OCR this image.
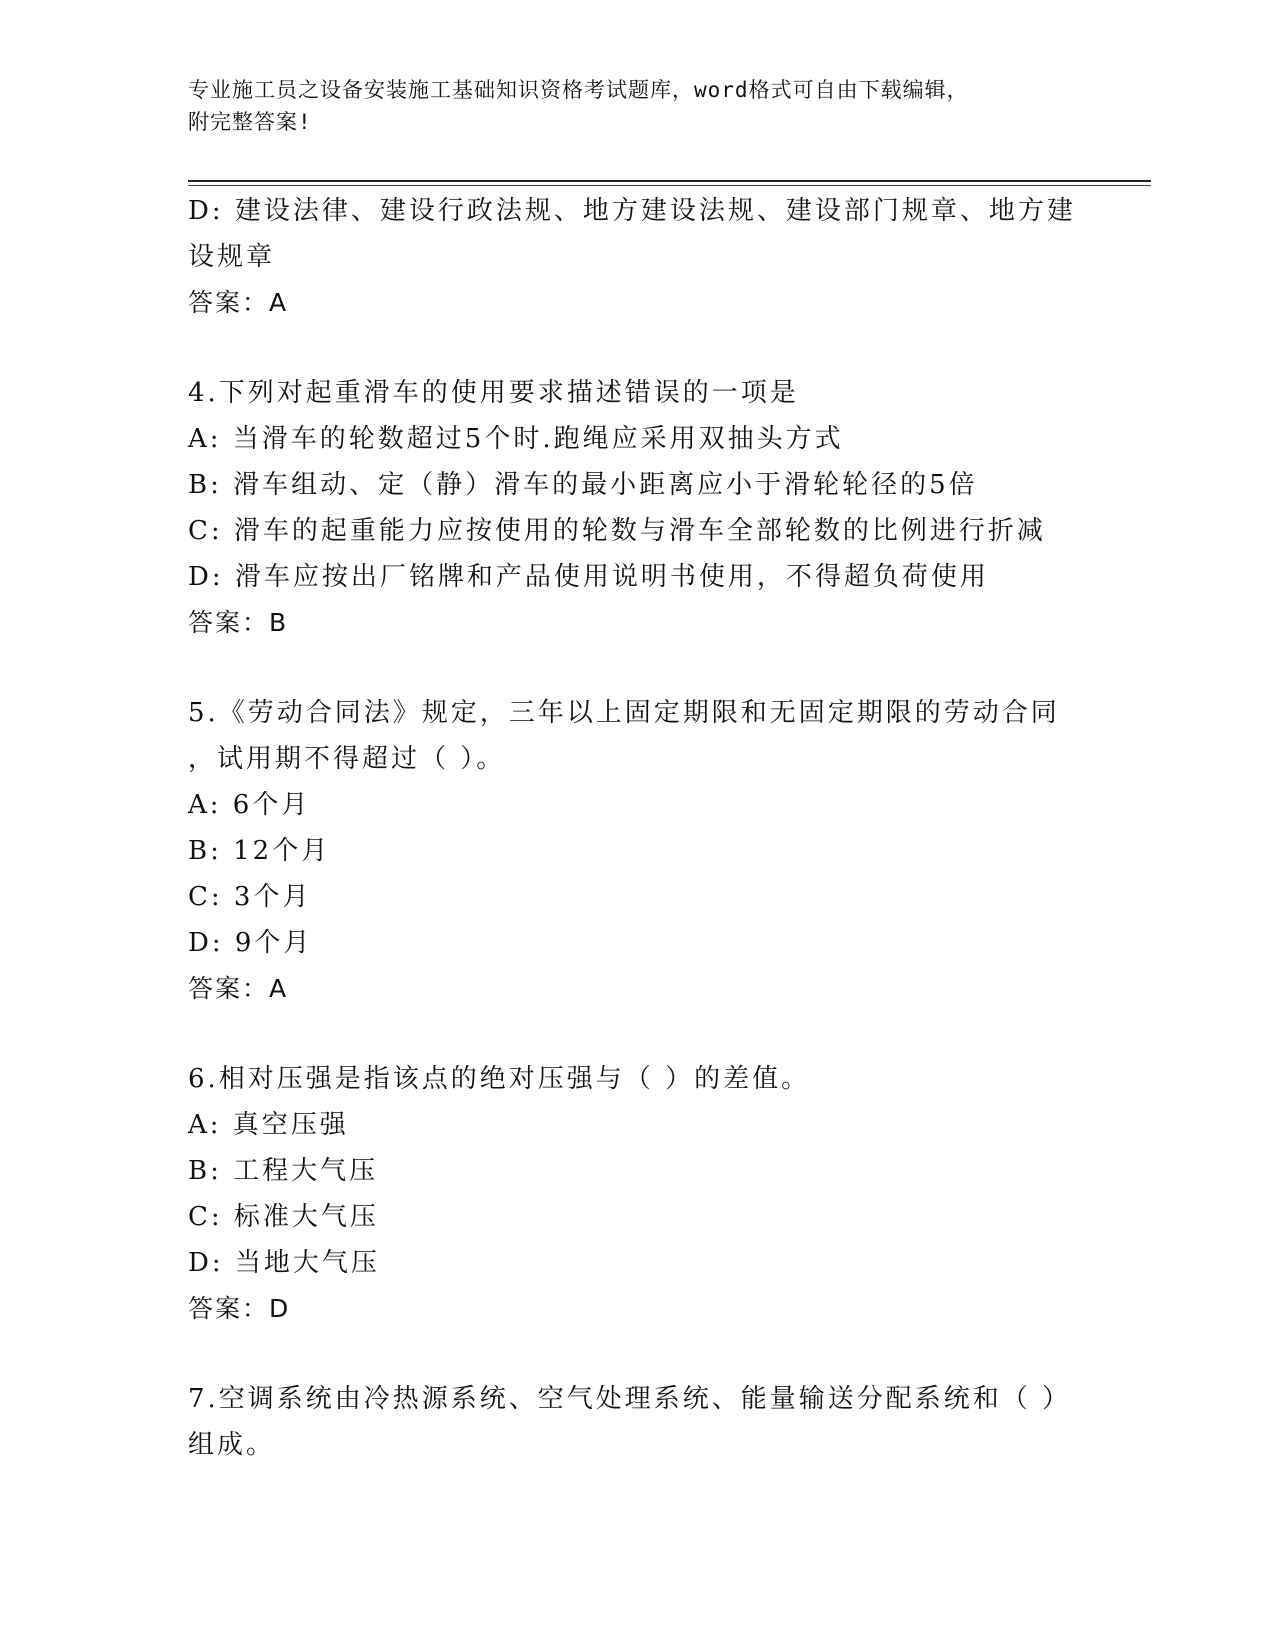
专业施工员之设备安装施工基础知识资格考试题库，word格式可自由下载编辑，
附完整答案!
D: 建设法律、建设行政法规、地方建设法规、建设部门规章、地方建
设规章
答案：A
4.下列对起重滑车的使用要求描述错误的一项是
A: 当滑车的轮数超过5个时.跑绳应采用双抽头方式
B: 滑车组动、定（静）滑车的最小距离应小于滑轮轮径的5倍
C: 滑车的起重能力应按使用的轮数与滑车全部轮数的比例进行折减
D: 滑车应按出厂铭牌和产品使用说明书使用，不得超负荷使用
答案：B
5.《劳动合同法》规定，三年以上固定期限和无固定期限的劳动合同
，试用期不得超过（ ）。
A: 6个月
B: 12个月
C: 3个月
D: 9个月
答案：A
6.相对压强是指该点的绝对压强与（ ）的差值。
A: 真空压强
B: 工程大气压
C: 标准大气压
D: 当地大气压
答案：D
7.空调系统由冷热源系统、空气处理系统、能量输送分配系统和（ ）
组成。
